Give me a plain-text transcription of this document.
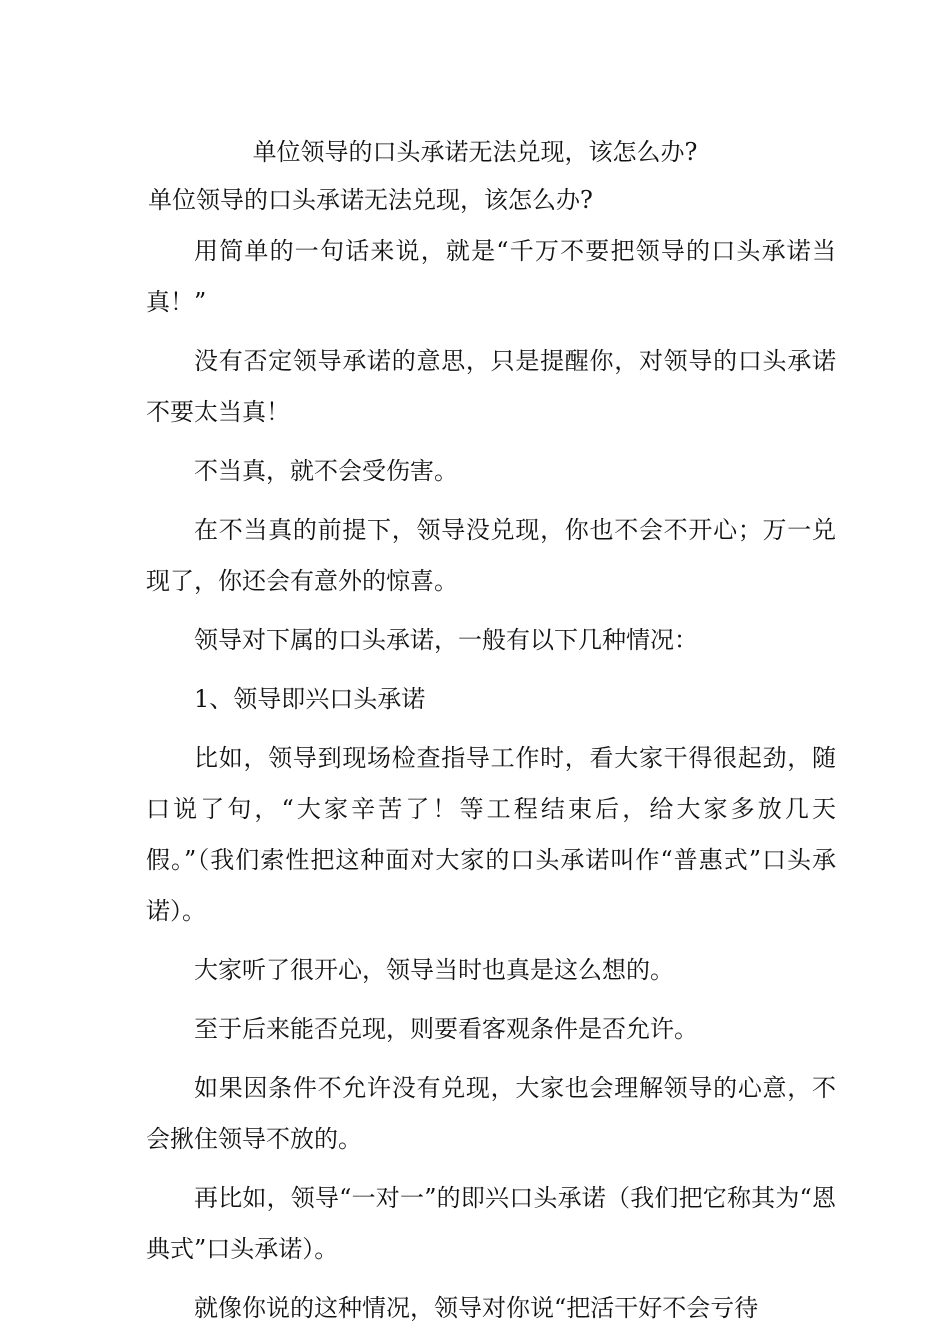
单位领导的口头承诺无法兑现，该怎么办?
单位领导的口头承诺无法兑现，该怎么办?

用简单的一句话来说，就是“千万不要把领导的口头承诺当真！”

没有否定领导承诺的意思，只是提醒你，对领导的口头承诺不要太当真！

不当真，就不会受伤害。

在不当真的前提下，领导没兑现，你也不会不开心；万一兑现了，你还会有意外的惊喜。

领导对下属的口头承诺，一般有以下几种情况：

1、领导即兴口头承诺

比如，领导到现场检查指导工作时，看大家干得很起劲，随口说了句，“大家辛苦了！等工程结束后，给大家多放几天假。”（我们索性把这种面对大家的口头承诺叫作“普惠式”口头承诺）。

大家听了很开心，领导当时也真是这么想的。

至于后来能否兑现，则要看客观条件是否允许。

如果因条件不允许没有兑现，大家也会理解领导的心意，不会揪住领导不放的。

再比如，领导“一对一”的即兴口头承诺（我们把它称其为“恩典式”口头承诺）。

就像你说的这种情况，领导对你说“把活干好不会亏待
